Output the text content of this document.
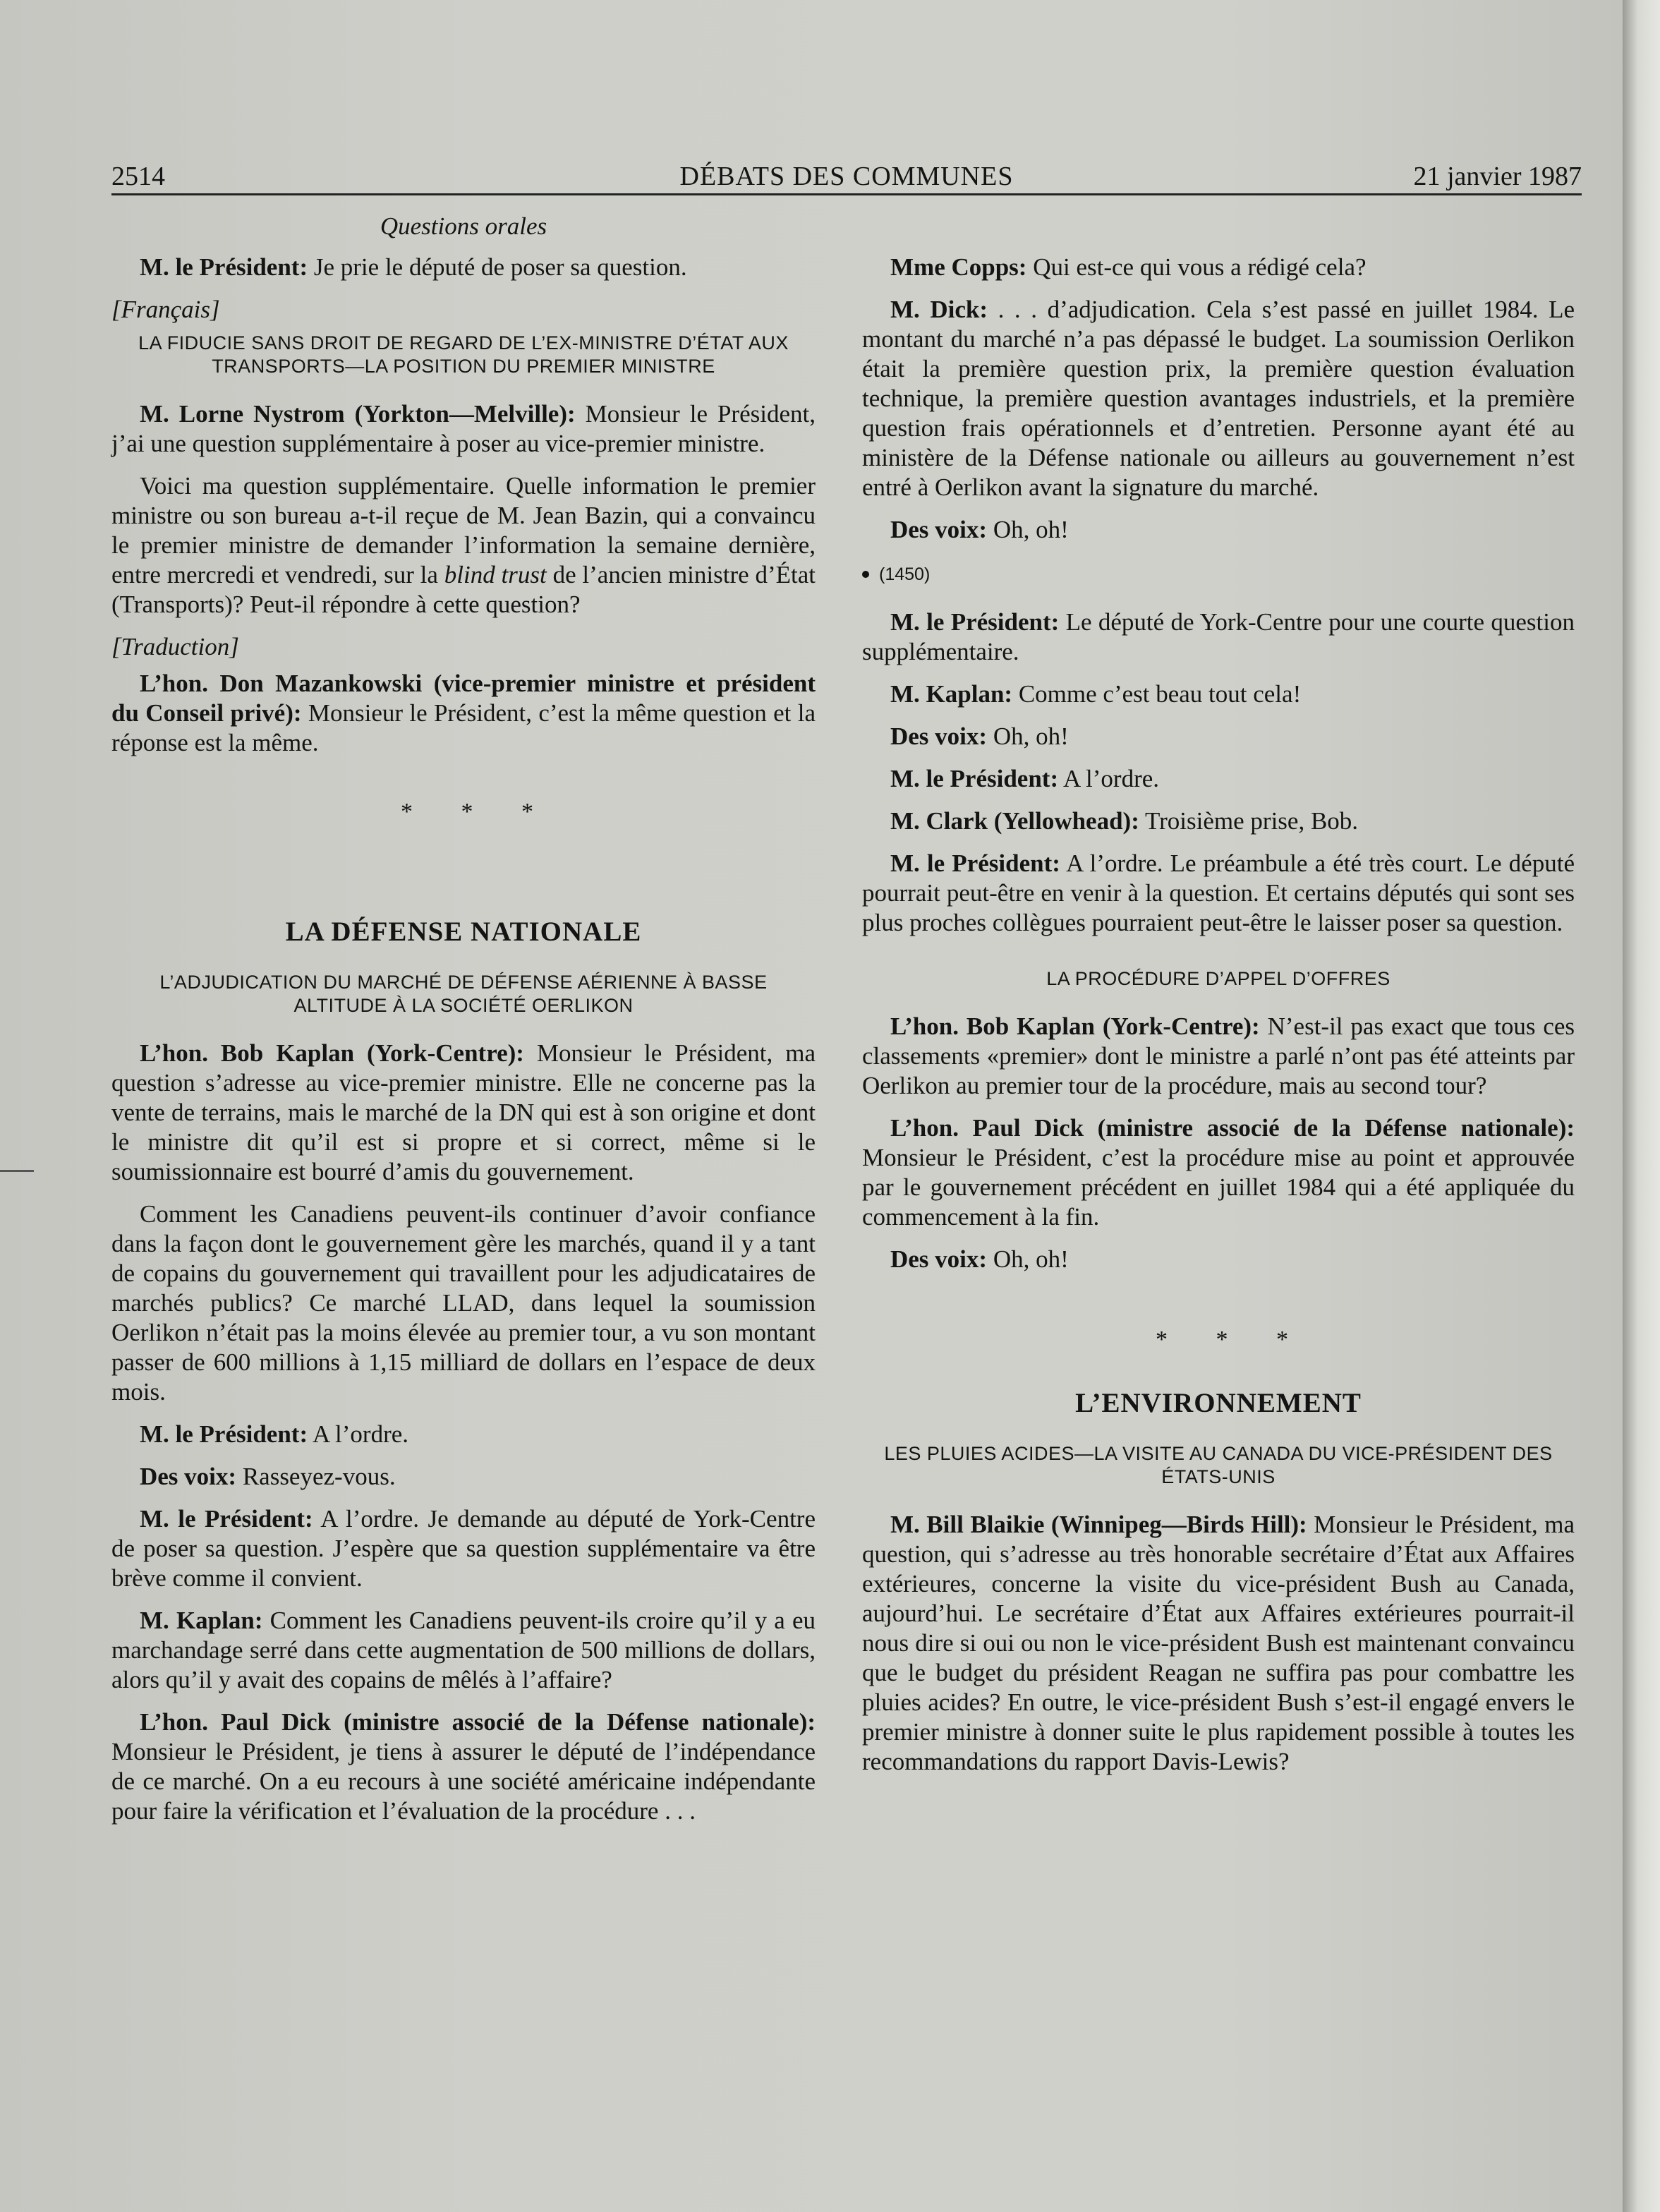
2514	DÉBATS DES COMMUNES	21 janvier 1987

Questions orales

M. le Président: Je prie le député de poser sa question.

[Français]

LA FIDUCIE SANS DROIT DE REGARD DE L’EX-MINISTRE D’ÉTAT AUX TRANSPORTS—LA POSITION DU PREMIER MINISTRE

M. Lorne Nystrom (Yorkton—Melville): Monsieur le Président, j’ai une question supplémentaire à poser au vice-premier ministre.

Voici ma question supplémentaire. Quelle information le premier ministre ou son bureau a-t-il reçue de M. Jean Bazin, qui a convaincu le premier ministre de demander l’information la semaine dernière, entre mercredi et vendredi, sur la blind trust de l’ancien ministre d’État (Transports)? Peut-il répondre à cette question?

[Traduction]

L’hon. Don Mazankowski (vice-premier ministre et président du Conseil privé): Monsieur le Président, c’est la même question et la réponse est la même.

* * *

LA DÉFENSE NATIONALE
L’ADJUDICATION DU MARCHÉ DE DÉFENSE AÉRIENNE À BASSE ALTITUDE À LA SOCIÉTÉ OERLIKON

L’hon. Bob Kaplan (York-Centre): Monsieur le Président, ma question s’adresse au vice-premier ministre. Elle ne concerne pas la vente de terrains, mais le marché de la DN qui est à son origine et dont le ministre dit qu’il est si propre et si correct, même si le soumissionnaire est bourré d’amis du gouvernement.

Comment les Canadiens peuvent-ils continuer d’avoir confiance dans la façon dont le gouvernement gère les marchés, quand il y a tant de copains du gouvernement qui travaillent pour les adjudicataires de marchés publics? Ce marché LLAD, dans lequel la soumission Oerlikon n’était pas la moins élevée au premier tour, a vu son montant passer de 600 millions à 1,15 milliard de dollars en l’espace de deux mois.

M. le Président: A l’ordre.

Des voix: Rasseyez-vous.

M. le Président: A l’ordre. Je demande au député de York-Centre de poser sa question. J’espère que sa question supplémentaire va être brève comme il convient.

M. Kaplan: Comment les Canadiens peuvent-ils croire qu’il y a eu marchandage serré dans cette augmentation de 500 millions de dollars, alors qu’il y avait des copains de mêlés à l’affaire?

L’hon. Paul Dick (ministre associé de la Défense nationale): Monsieur le Président, je tiens à assurer le député de l’indépendance de ce marché. On a eu recours à une société américaine indépendante pour faire la vérification et l’évaluation de la procédure . . .

Mme Copps: Qui est-ce qui vous a rédigé cela?

M. Dick: . . . d’adjudication. Cela s’est passé en juillet 1984. Le montant du marché n’a pas dépassé le budget. La soumission Oerlikon était la première question prix, la première question évaluation technique, la première question avantages industriels, et la première question frais opérationnels et d’entretien. Personne ayant été au ministère de la Défense nationale ou ailleurs au gouvernement n’est entré à Oerlikon avant la signature du marché.

Des voix: Oh, oh!

(1450)

M. le Président: Le député de York-Centre pour une courte question supplémentaire.

M. Kaplan: Comme c’est beau tout cela!

Des voix: Oh, oh!

M. le Président: A l’ordre.

M. Clark (Yellowhead): Troisième prise, Bob.

M. le Président: A l’ordre. Le préambule a été très court. Le député pourrait peut-être en venir à la question. Et certains députés qui sont ses plus proches collègues pourraient peut-être le laisser poser sa question.

LA PROCÉDURE D’APPEL D’OFFRES

L’hon. Bob Kaplan (York-Centre): N’est-il pas exact que tous ces classements «premier» dont le ministre a parlé n’ont pas été atteints par Oerlikon au premier tour de la procédure, mais au second tour?

L’hon. Paul Dick (ministre associé de la Défense nationale): Monsieur le Président, c’est la procédure mise au point et approuvée par le gouvernement précédent en juillet 1984 qui a été appliquée du commencement à la fin.

Des voix: Oh, oh!

* * *

L’ENVIRONNEMENT
LES PLUIES ACIDES—LA VISITE AU CANADA DU VICE-PRÉSIDENT DES ÉTATS-UNIS

M. Bill Blaikie (Winnipeg—Birds Hill): Monsieur le Président, ma question, qui s’adresse au très honorable secrétaire d’État aux Affaires extérieures, concerne la visite du vice-président Bush au Canada, aujourd’hui. Le secrétaire d’État aux Affaires extérieures pourrait-il nous dire si oui ou non le vice-président Bush est maintenant convaincu que le budget du président Reagan ne suffira pas pour combattre les pluies acides? En outre, le vice-président Bush s’est-il engagé envers le premier ministre à donner suite le plus rapidement possible à toutes les recommandations du rapport Davis-Lewis?
